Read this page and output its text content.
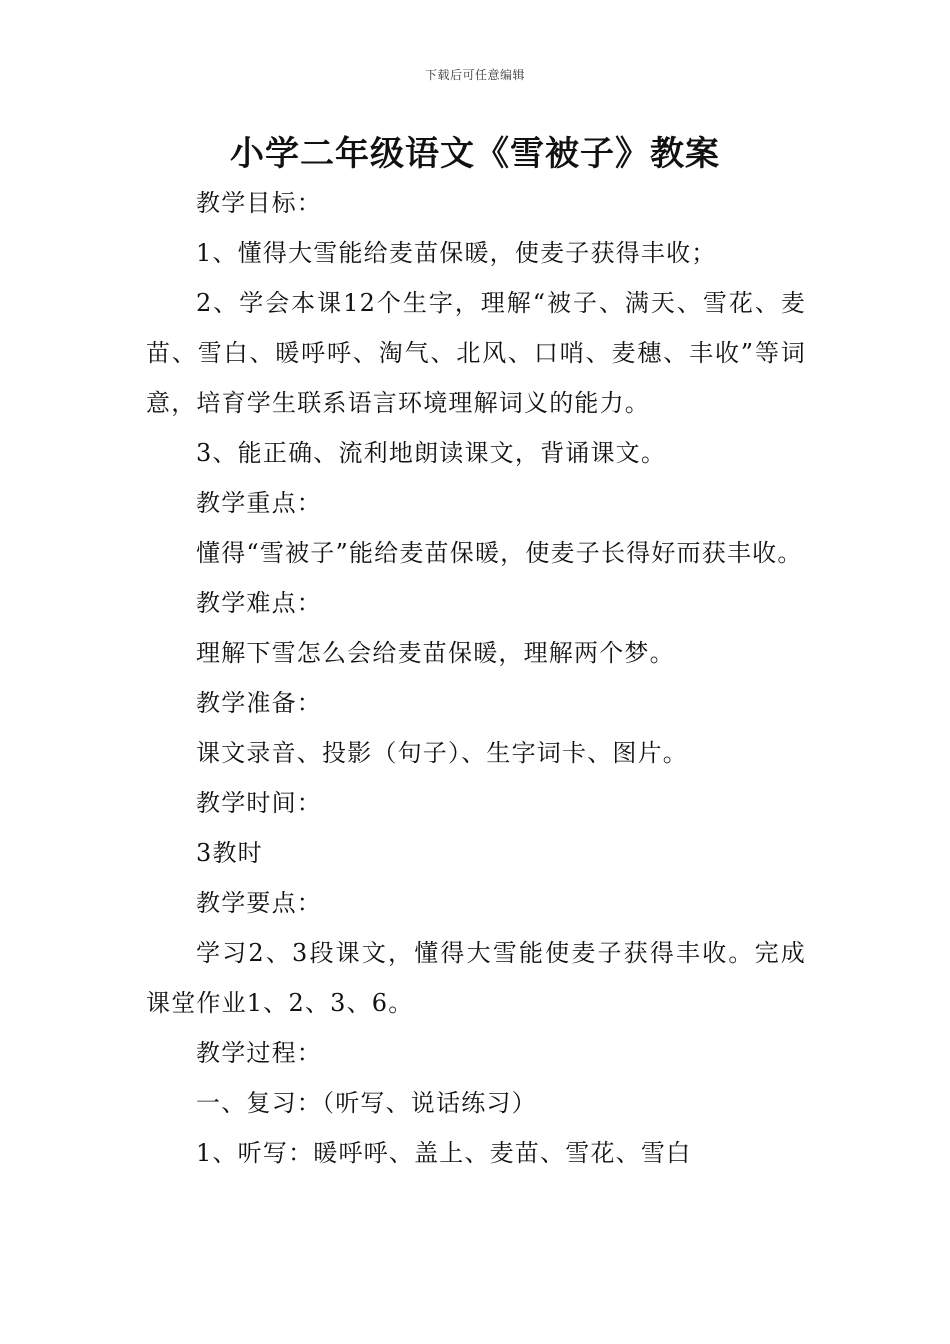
下载后可任意编辑
小学二年级语文《雪被子》教案

教学目标：

1、懂得大雪能给麦苗保暖，使麦子获得丰收；

2、学会本课12个生字，理解“被子、满天、雪花、麦苗、雪白、暖呼呼、淘气、北风、口哨、麦穗、丰收”等词意，培育学生联系语言环境理解词义的能力。

3、能正确、流利地朗读课文，背诵课文。

教学重点：

懂得“雪被子”能给麦苗保暖，使麦子长得好而获丰收。

教学难点：

理解下雪怎么会给麦苗保暖，理解两个梦。

教学准备：

课文录音、投影（句子）、生字词卡、图片。

教学时间：

3教时

教学要点：

学习2、3段课文，懂得大雪能使麦子获得丰收。完成课堂作业1、2、3、6。

教学过程：

一、复习：（听写、说话练习）

1、听写：暖呼呼、盖上、麦苗、雪花、雪白
